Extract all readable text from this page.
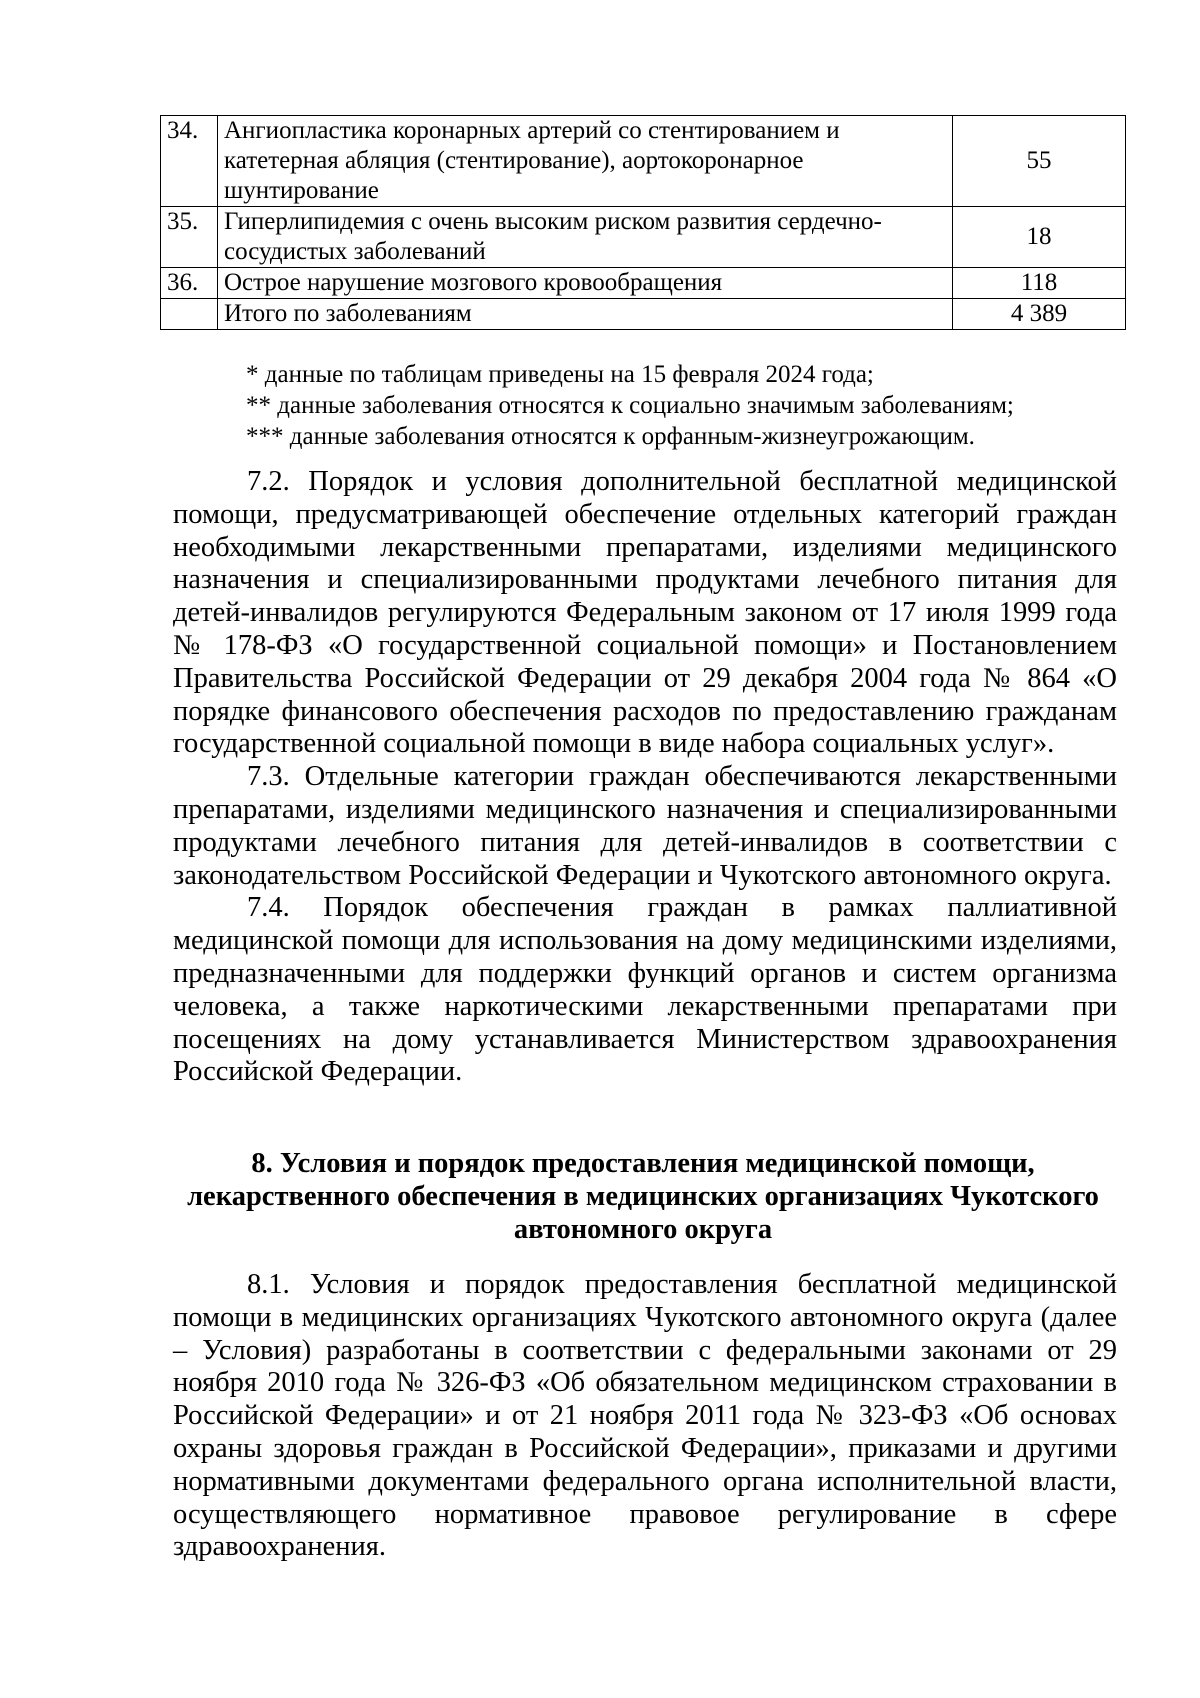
34.	Ангиопластика коронарных артерий со стентированием и катетерная абляция (стентирование), аортокоронарное шунтирование	55
35.	Гиперлипидемия с очень высоким риском развития сердечно-сосудистых заболеваний	18
36.	Острое нарушение мозгового кровообращения	118
	Итого по заболеваниям	4 389
* данные по таблицам приведены на 15 февраля 2024 года;
** данные заболевания относятся к социально значимым заболеваниям;
*** данные заболевания относятся к орфанным-жизнеугрожающим.

7.2. Порядок и условия дополнительной бесплатной медицинской помощи, предусматривающей обеспечение отдельных категорий граждан необходимыми лекарственными препаратами, изделиями медицинского назначения и специализированными продуктами лечебного питания для детей-инвалидов регулируются Федеральным законом от 17 июля 1999 года № 178-ФЗ «О государственной социальной помощи» и Постановлением Правительства Российской Федерации от 29 декабря 2004 года № 864 «О порядке финансового обеспечения расходов по предоставлению гражданам государственной социальной помощи в виде набора социальных услуг».

7.3. Отдельные категории граждан обеспечиваются лекарственными препаратами, изделиями медицинского назначения и специализированными продуктами лечебного питания для детей-инвалидов в соответствии с законодательством Российской Федерации и Чукотского автономного округа.

7.4. Порядок обеспечения граждан в рамках паллиативной медицинской помощи для использования на дому медицинскими изделиями, предназначенными для поддержки функций органов и систем организма человека, а также наркотическими лекарственными препаратами при посещениях на дому устанавливается Министерством здравоохранения Российской Федерации.

8. Условия и порядок предоставления медицинской помощи,
лекарственного обеспечения в медицинских организациях Чукотского
автономного округа

8.1. Условия и порядок предоставления бесплатной медицинской помощи в медицинских организациях Чукотского автономного округа (далее – Условия) разработаны в соответствии с федеральными законами от 29 ноября 2010 года № 326-ФЗ «Об обязательном медицинском страховании в Российской Федерации» и от 21 ноября 2011 года № 323-ФЗ «Об основах охраны здоровья граждан в Российской Федерации», приказами и другими нормативными документами федерального органа исполнительной власти, осуществляющего нормативное правовое регулирование в сфере здравоохранения.
